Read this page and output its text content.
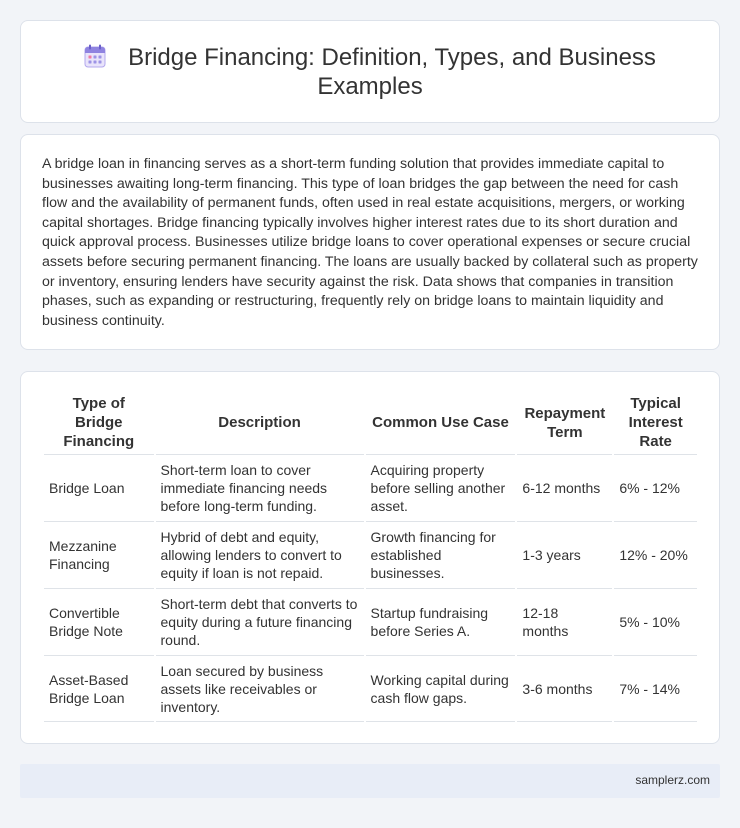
Bridge Financing: Definition, Types, and Business
Examples

A bridge loan in financing serves as a short-term funding solution that provides immediate capital to businesses awaiting long-term financing. This type of loan bridges the gap between the need for cash flow and the availability of permanent funds, often used in real estate acquisitions, mergers, or working capital shortages. Bridge financing typically involves higher interest rates due to its short duration and quick approval process. Businesses utilize bridge loans to cover operational expenses or secure crucial assets before securing permanent financing. The loans are usually backed by collateral such as property or inventory, ensuring lenders have security against the risk. Data shows that companies in transition phases, such as expanding or restructuring, frequently rely on bridge loans to maintain liquidity and business continuity.

Type of Bridge Financing	Description	Common Use Case	Repayment Term	Typical Interest Rate
Bridge Loan	Short-term loan to cover immediate financing needs before long-term funding.	Acquiring property before selling another asset.	6-12 months	6% - 12%
Mezzanine Financing	Hybrid of debt and equity, allowing lenders to convert to equity if loan is not repaid.	Growth financing for established businesses.	1-3 years	12% - 20%
Convertible Bridge Note	Short-term debt that converts to equity during a future financing round.	Startup fundraising before Series A.	12-18 months	5% - 10%
Asset-Based Bridge Loan	Loan secured by business assets like receivables or inventory.	Working capital during cash flow gaps.	3-6 months	7% - 14%
samplerz.com
